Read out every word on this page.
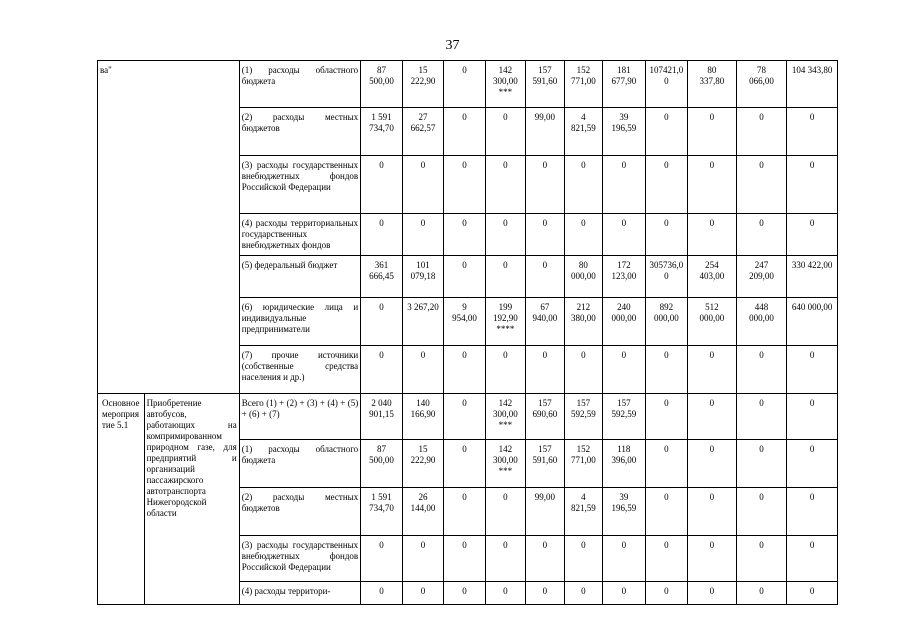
37
ва"		(1) расходы областного бюджета	87
500,00	15
222,90	0	142
300,00
***	157
591,60	152
771,00	181
677,90	107421,0
0	80
337,80	78
066,00	104 343,80
		(2) расходы местных бюджетов	1 591
734,70	27
662,57	0	0	99,00	4
821,59	39
196,59	0	0	0	0
		(3) расходы государственных внебюджетных фондов Российской Федерации	0	0	0	0	0	0	0	0	0	0	0
		(4) расходы территориальных государственных внебюджетных фондов	0	0	0	0	0	0	0	0	0	0	0
		(5) федеральный бюджет	361
666,45	101
079,18	0	0	0	80
000,00	172
123,00	305736,0
0	254
403,00	247
209,00	330 422,00
		(6) юридические лица и индивидуальные предприниматели	0	3 267,20	9
954,00	199
192,90
****	67
940,00	212
380,00	240
000,00	892
000,00	512
000,00	448
000,00	640 000,00
		(7) прочие источники (собственные средства населения и др.)	0	0	0	0	0	0	0	0	0	0	0
Основное мероприятие 5.1	Приобретение автобусов, работающих на компримированном природном газе, для предприятий и организаций пассажирского автотранспорта Нижегородской области	Всего (1) + (2) + (3) + (4) + (5) + (6) + (7)	2 040
901,15	140
166,90	0	142
300,00
***	157
690,60	157
592,59	157
592,59	0	0	0	0
		(1) расходы областного бюджета	87
500,00	15
222,90	0	142
300,00
***	157
591,60	152
771,00	118
396,00	0	0	0	0
		(2) расходы местных бюджетов	1 591
734,70	26
144,00	0	0	99,00	4
821,59	39
196,59	0	0	0	0
		(3) расходы государственных внебюджетных фондов Российской Федерации	0	0	0	0	0	0	0	0	0	0	0
		(4) расходы территори-	0	0	0	0	0	0	0	0	0	0	0
